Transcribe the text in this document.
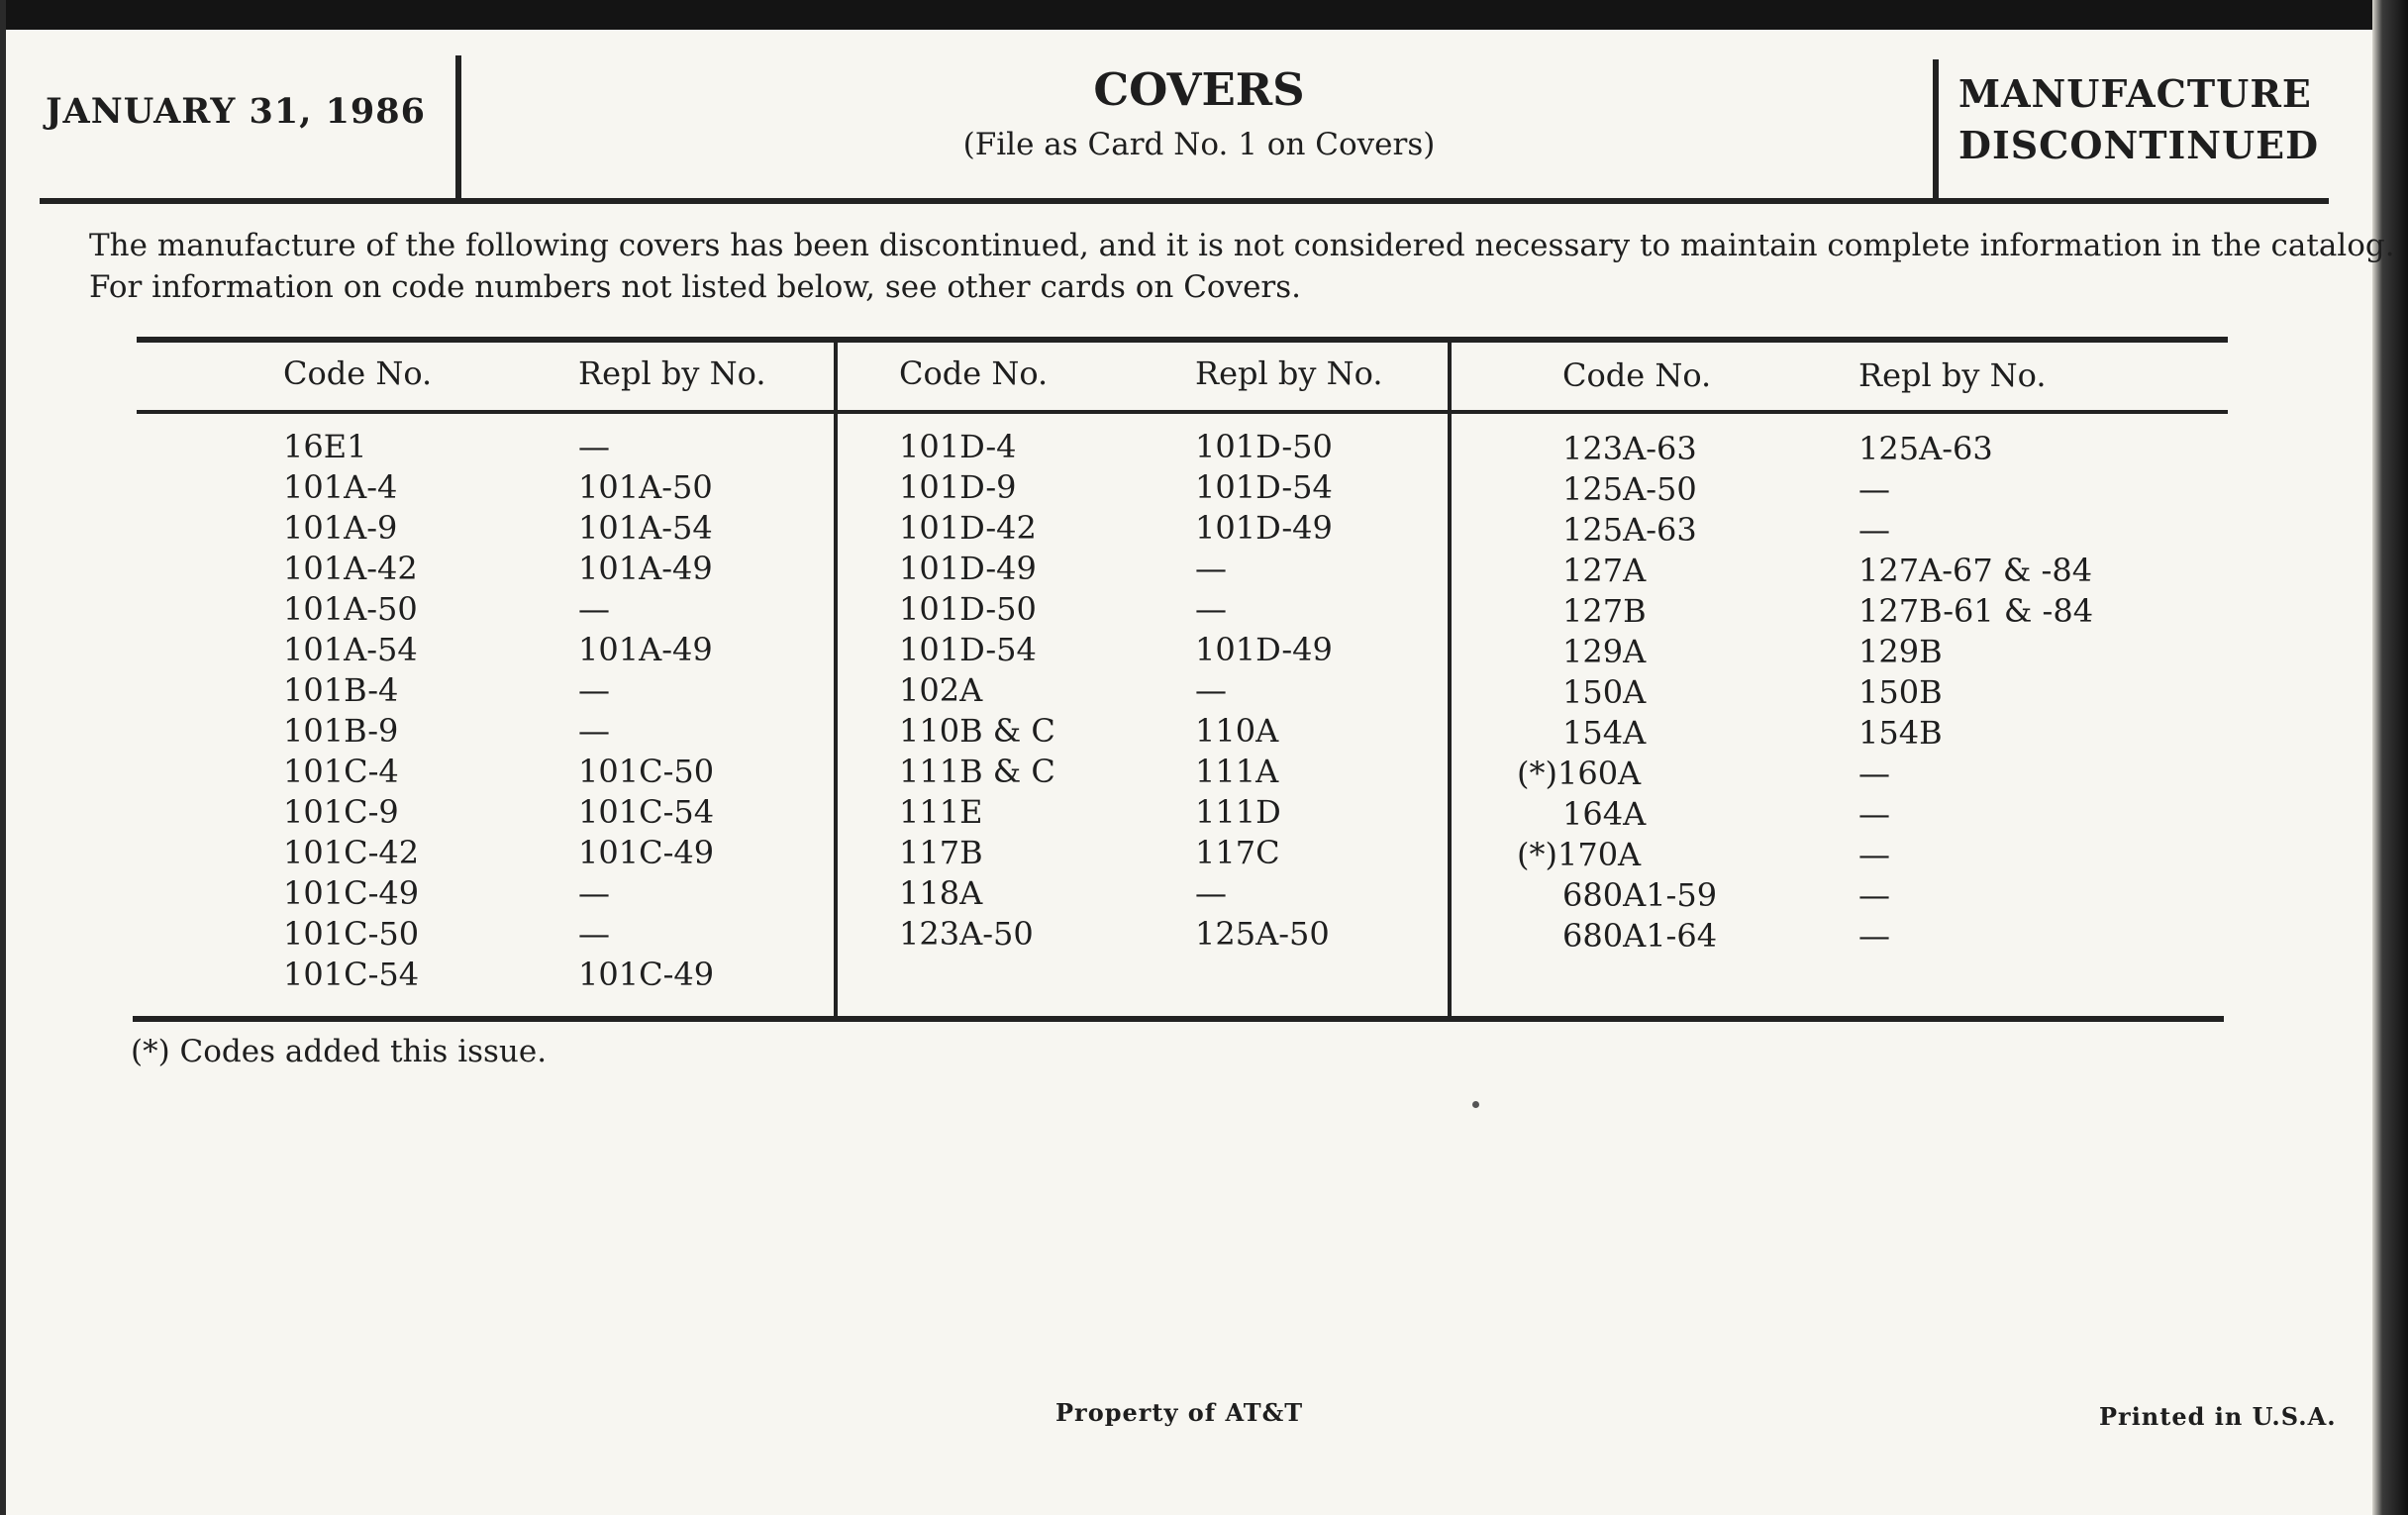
JANUARY 31, 1986	COVERS
(File as Card No. 1 on Covers)
MANUFACTURE
DISCONTINUED
The manufacture of the following covers has been discontinued, and it is not considered necessary to maintain complete information in the catalog.
For information on code numbers not listed below, see other cards on Covers.
Code No.	Repl by No.	Code No.	Repl by No.	Code No.	Repl by No.
16E1	—
101A-4	101A-50
101A-9	101A-54
101A-42	101A-49
101A-50	—
101A-54	101A-49
101B-4	—
101B-9	—
101C-4	101C-50
101C-9	101C-54
101C-42	101C-49
101C-49	—
101C-50	—
101C-54	101C-49
101D-4	101D-50
101D-9	101D-54
101D-42	101D-49
101D-49	—
101D-50	—
101D-54	101D-49
102A	—
110B & C	110A
111B & C	111A
111E	111D
117B	117C
118A	—
123A-50	125A-50
123A-63	125A-63
125A-50	—
125A-63	—
127A	127A-67 & -84
127B	127B-61 & -84
129A	129B
150A	150B
154A	154B
(*)160A	—
164A	—
(*)170A	—
680A1-59	—
680A1-64	—
(*) Codes added this issue.
Property of AT&T	Printed in U.S.A.
